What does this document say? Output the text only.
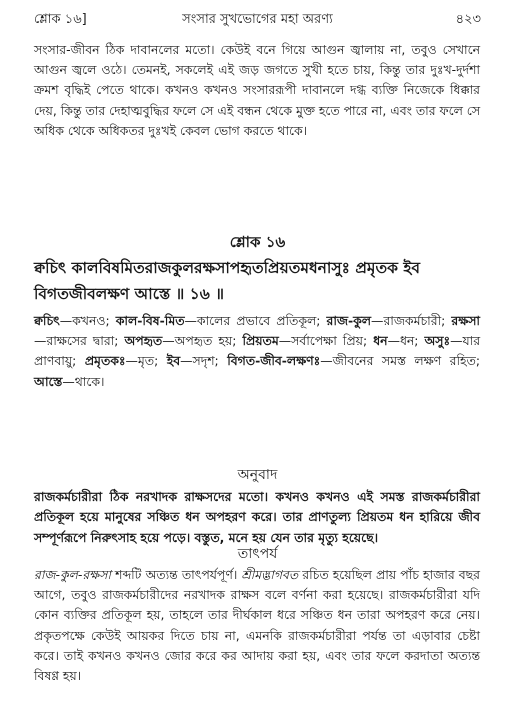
শ্লোক ১৬]	সংসার সুখভোগের মহা অরণ্য	৪২৩
সংসার-জীবন ঠিক দাবানলের মতো। কেউই বনে গিয়ে আগুন জ্বালায় না, তবুও সেখানে আগুন জ্বলে ওঠে। তেমনই, সকলেই এই জড় জগতে সুখী হতে চায়, কিন্তু তার দুঃখ-দুর্দশা ক্রমশ বৃদ্ধিই পেতে থাকে। কখনও কখনও সংসাররূপী দাবানলে দগ্ধ ব্যক্তি নিজেকে ধিক্কার দেয়, কিন্তু তার দেহাত্মবুদ্ধির ফলে সে এই বন্ধন থেকে মুক্ত হতে পারে না, এবং তার ফলে সে অধিক থেকে অধিকতর দুঃখই কেবল ভোগ করতে থাকে।
শ্লোক ১৬
ক্বচিৎ কালবিষমিতরাজকুলরক্ষসাপহৃতপ্রিয়তমধনাসুঃ প্রমৃতক ইব
বিগতজীবলক্ষণ আস্তে ॥ ১৬ ॥
ক্বচিৎ—কখনও; কাল-বিষ-মিত—কালের প্রভাবে প্রতিকূল; রাজ-কুল—রাজকর্মচারী; রক্ষসা—রাক্ষসের দ্বারা; অপহৃত—অপহৃত হয়; প্রিয়তম—সর্বাপেক্ষা প্রিয়; ধন—ধন; অসুঃ—যার প্রাণবায়ু; প্রমৃতকঃ—মৃত; ইব—সদৃশ; বিগত-জীব-লক্ষণঃ—জীবনের সমস্ত লক্ষণ রহিত; আস্তে—থাকে।
অনুবাদ
রাজকর্মচারীরা ঠিক নরখাদক রাক্ষসদের মতো। কখনও কখনও এই সমস্ত রাজকর্মচারীরা প্রতিকূল হয়ে মানুষের সঞ্চিত ধন অপহরণ করে। তার প্রাণতুল্য প্রিয়তম ধন হারিয়ে জীব সম্পূর্ণরূপে নিরুৎসাহ হয়ে পড়ে। বস্তুত, মনে হয় যেন তার মৃত্যু হয়েছে।
তাৎপর্য
রাজ-কুল-রক্ষসা শব্দটি অত্যন্ত তাৎপর্যপূর্ণ। শ্রীমদ্ভাগবত রচিত হয়েছিল প্রায় পাঁচ হাজার বছর আগে, তবুও রাজকর্মচারীদের নরখাদক রাক্ষস বলে বর্ণনা করা হয়েছে। রাজকর্মচারীরা যদি কোন ব্যক্তির প্রতিকূল হয়, তাহলে তার দীর্ঘকাল ধরে সঞ্চিত ধন তারা অপহরণ করে নেয়। প্রকৃতপক্ষে কেউই আয়কর দিতে চায় না, এমনকি রাজকর্মচারীরা পর্যন্ত তা এড়াবার চেষ্টা করে। তাই কখনও কখনও জোর করে কর আদায় করা হয়, এবং তার ফলে করদাতা অত্যন্ত বিষণ্ণ হয়।
